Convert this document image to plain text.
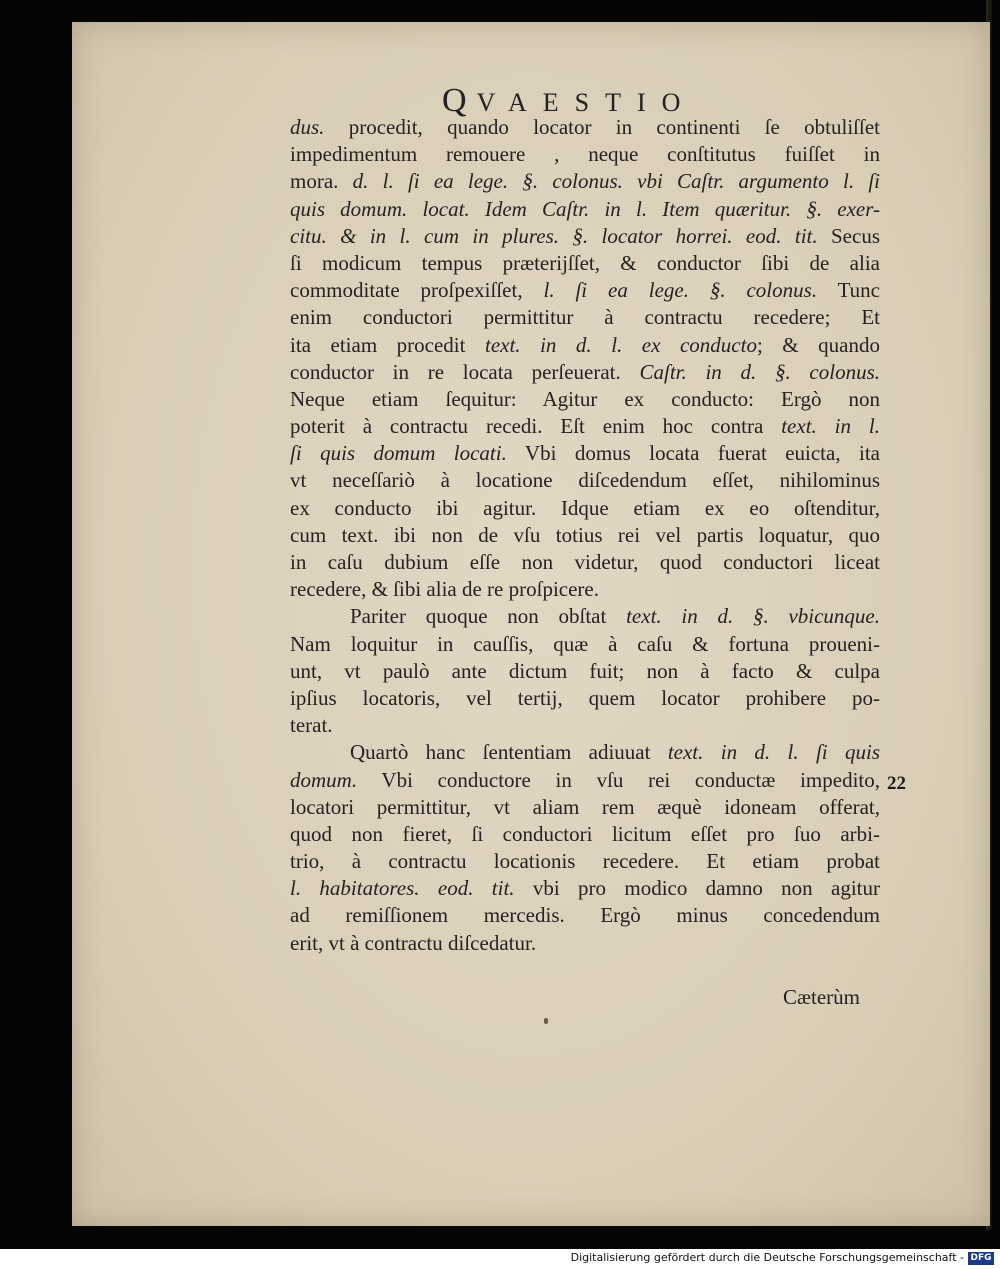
QVAESTIO
dus. procedit, quando locator in continenti ſe obtuliſſet
impedimentum remouere , neque conſtitutus fuiſſet in
mora. d. l. ſi ea lege. §. colonus. vbi Caſtr. argumento l. ſi
quis domum. locat. Idem Caſtr. in l. Item quæritur. §. exer-
citu. & in l. cum in plures. §. locator horrei. eod. tit. Secus
ſi modicum tempus præterijſſet, & conductor ſibi de alia
commoditate proſpexiſſet, l. ſi ea lege. §. colonus. Tunc
enim conductori permittitur à contractu recedere; Et
ita etiam procedit text. in d. l. ex conducto; & quando
conductor in re locata perſeuerat. Caſtr. in d. §. colonus.
Neque etiam ſequitur: Agitur ex conducto: Ergò non
poterit à contractu recedi. Eſt enim hoc contra text. in l.
ſi quis domum locati. Vbi domus locata fuerat euicta, ita
vt neceſſariò à locatione diſcedendum eſſet, nihilominus
ex conducto ibi agitur. Idque etiam ex eo oſtenditur,
cum text. ibi non de vſu totius rei vel partis loquatur, quo
in caſu dubium eſſe non videtur, quod conductori liceat
recedere, & ſibi alia de re proſpicere.
Pariter quoque non obſtat text. in d. §. vbicunque.
Nam loquitur in cauſſis, quæ à caſu & fortuna proueni-
unt, vt paulò ante dictum fuit; non à facto & culpa
ipſius locatoris, vel tertij, quem locator prohibere po-
terat.
Quartò hanc ſententiam adiuuat text. in d. l. ſi quis
domum. Vbi conductore in vſu rei conductæ impedito,
locatori permittitur, vt aliam rem æquè idoneam offerat,
quod non fieret, ſi conductori licitum eſſet pro ſuo arbi-
trio, à contractu locationis recedere. Et etiam probat
l. habitatores. eod. tit. vbi pro modico damno non agitur
ad remiſſionem mercedis. Ergò minus concedendum
erit, vt à contractu diſcedatur.
22
Cæterùm
Digitalisierung gefördert durch die Deutsche Forschungsgemeinschaft - DFG
